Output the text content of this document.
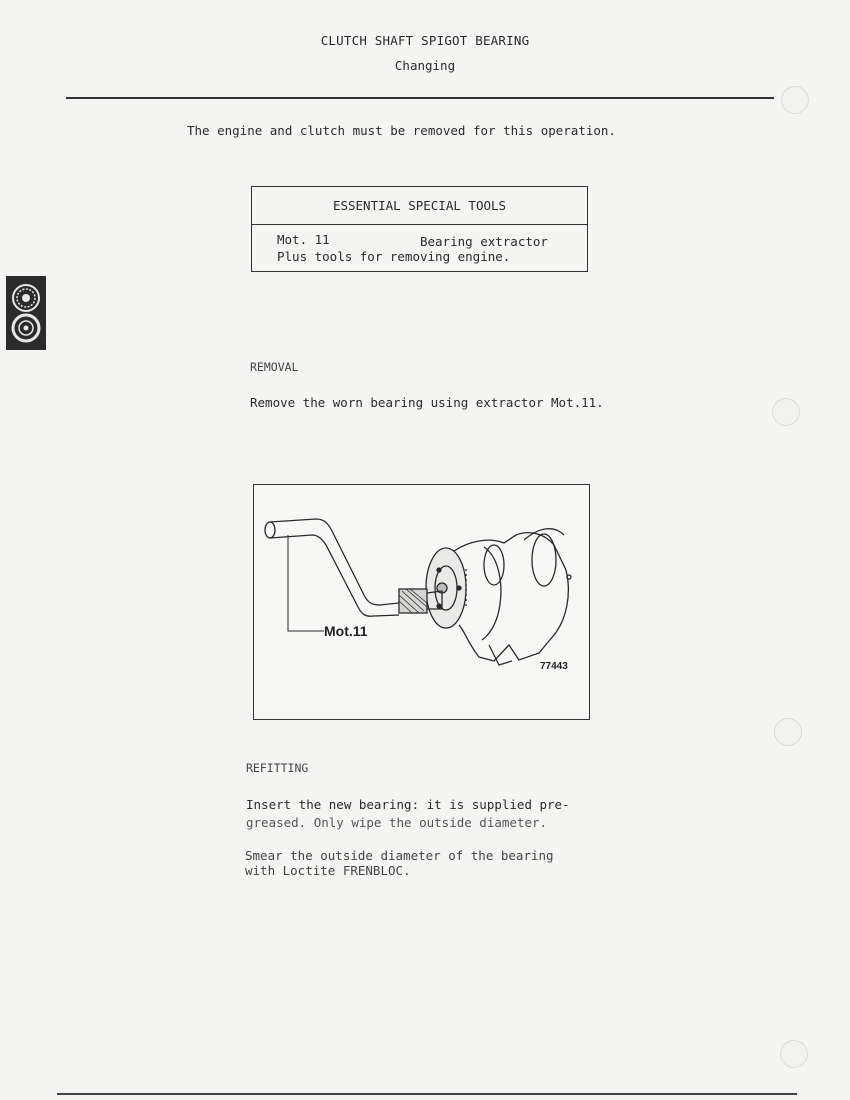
CLUTCH SHAFT SPIGOT BEARING
Changing
The engine and clutch must be removed for this operation.
ESSENTIAL SPECIAL TOOLS
Mot. 11	Bearing extractor
Plus tools for removing engine.
REMOVAL
Remove the worn bearing using extractor Mot.11.
Mot.11
77443
REFITTING
Insert the new bearing: it is supplied pre-
greased. Only wipe the outside diameter.
Smear the outside diameter of the bearing
with Loctite FRENBLOC.
